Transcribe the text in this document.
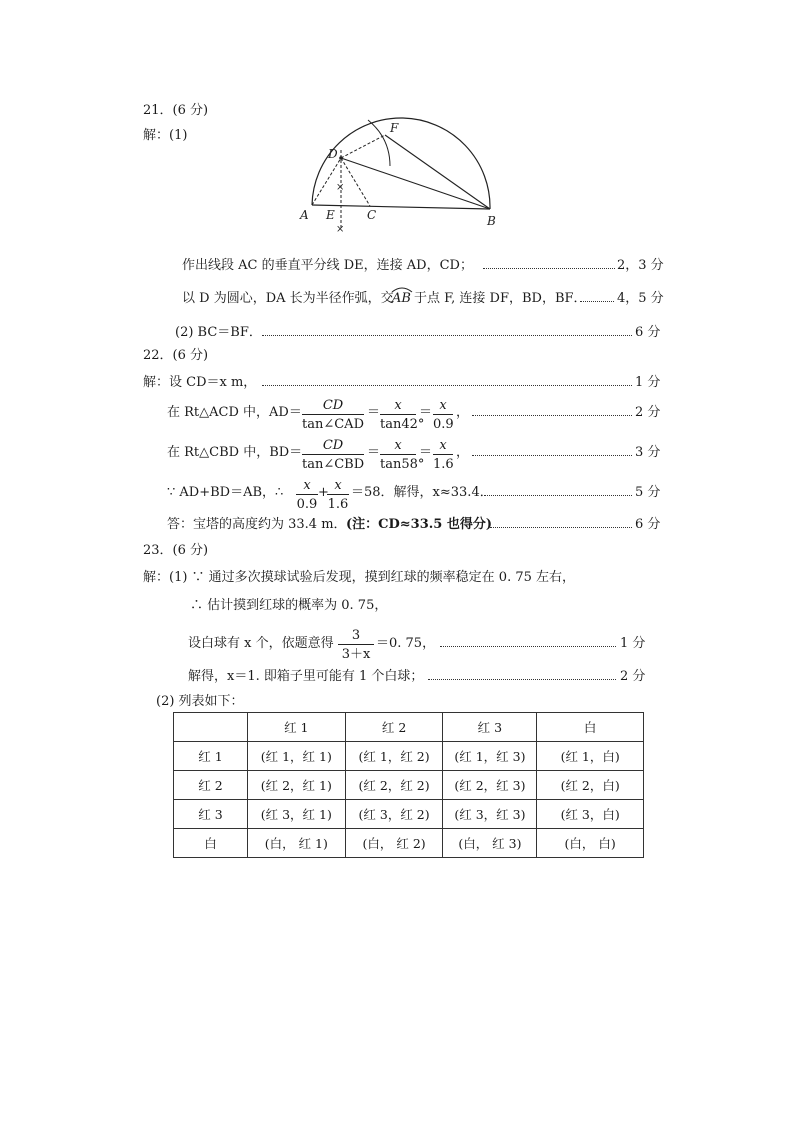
21．(6 分)
解：(1)
×
×
A E	C	B
D
F
作出线段 AC 的垂直平分线 DE，连接 AD，CD；	2，3 分
以 D 为圆心，DA 长为半径作弧，交
AB 于点 F, 连接 DF，BD，BF． 4，5 分
(2) BC＝BF．	6 分
22．(6 分)
解：设 CD＝x m，	1 分
在 Rt△ACD 中，AD＝	CD
tan∠CAD
＝	x
tan42°
＝ x
0.9
，	2 分
在 Rt△CBD 中，BD＝	CD
tan∠CBD
＝	x
tan58°
＝ x
1.6
，	3 分
∵ AD+BD＝AB，∴	x
0.9
+ x
1.6
＝58．解得，x≈33.4．	5 分
答：宝塔的高度约为 33.4 m． (注：CD≈33.5 也得分)	6 分
23．(6 分)
解：(1) ∵ 通过多次摸球试验后发现，摸到红球的频率稳定在 0. 75 左右，
∴ 估计摸到红球的概率为 0. 75，
设白球有 x 个，依题意得
3
3＋x
＝0. 75，	1 分
解得，x＝1. 即箱子里可能有 1 个白球；	2 分
(2) 列表如下：
	红 1	红 2	红 3	白
红 1	(红 1，红 1)	(红 1，红 2)	(红 1，红 3)	(红 1，白)
红 2	(红 2，红 1)	(红 2，红 2)	(红 2，红 3)	(红 2，白)
红 3	(红 3，红 1)	(红 3，红 2)	(红 3，红 3)	(红 3，白)
白	(白， 红 1)	(白， 红 2)	(白， 红 3)	(白， 白)
